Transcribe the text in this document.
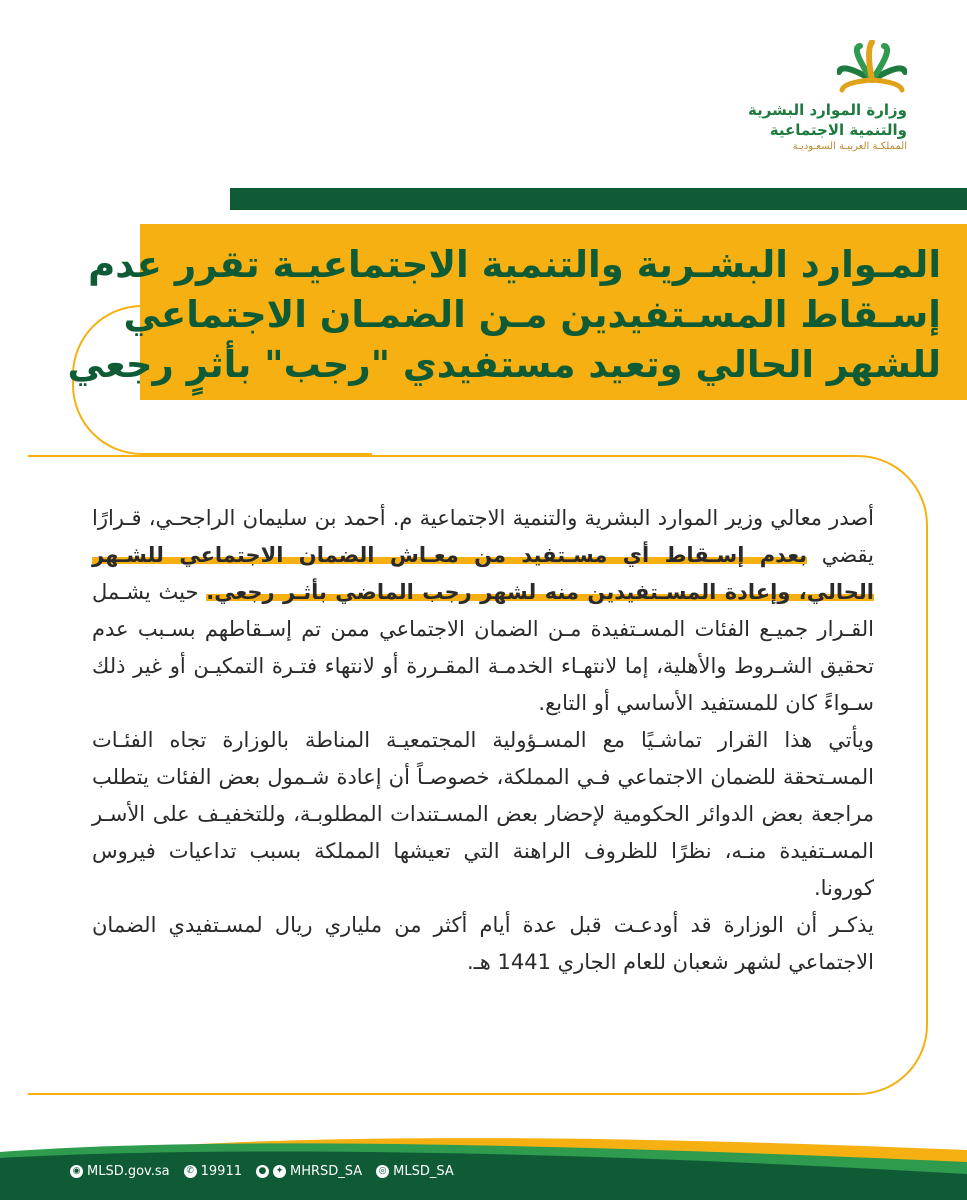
وزارة الموارد البشرية
والتنمية الاجتماعية
المملكـة العربيـة السعـوديـة
المـوارد البشـرية والتنمية الاجتماعيـة تقرر عدم
إسـقاط المسـتفيدين مـن الضمـان الاجتماعي
للشهر الحالي وتعيد مستفيدي "رجب" بأثرٍ رجعي

أصدر معالي وزير الموارد البشرية والتنمية الاجتماعية م. أحمد بن سليمان الراجحـي، قـرارًا يقضي بعدم إسـقاط أي مسـتفيد من معـاش الضمان الاجتماعي للشـهر الحالي، وإعادة المسـتفيدين منه لشهر رجب الماضي بأثـر رجعي. حيث يشـمل القـرار جميـع الفئات المسـتفيدة مـن الضمان الاجتماعي ممن تم إسـقاطهم بسـبب عدم تحقيق الشـروط والأهلية، إما لانتهـاء الخدمـة المقـررة أو لانتهاء فتـرة التمكيـن أو غير ذلك سـواءً كان للمستفيد الأساسي أو التابع.

ويأتي هذا القرار تماشـيًا مع المسـؤولية المجتمعيـة المناطة بالوزارة تجاه الفئـات المسـتحقة للضمان الاجتماعي فـي المملكة، خصوصـاً أن إعادة شـمول بعض الفئات يتطلب مراجعة بعض الدوائر الحكومية لإحضار بعض المسـتندات المطلوبـة، وللتخفيـف على الأسـر المسـتفيدة منـه، نظرًا للظروف الراهنة التي تعيشها المملكة بسبب تداعيات فيروس كورونا.

يذكـر أن الوزارة قد أودعـت قبل عدة أيام أكثر من ملياري ريال لمسـتفيدي الضمان الاجتماعي لشهر شعبان للعام الجاري 1441 هـ.

◉ MLSD.gov.sa	✆ 19911 ●	✦ MHRSD_SA ◎ MLSD_SA
